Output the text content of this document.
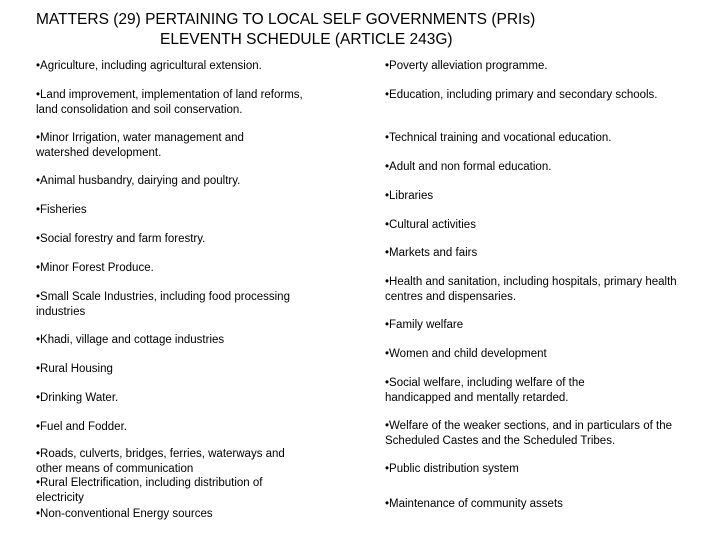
MATTERS (29) PERTAINING TO LOCAL SELF GOVERNMENTS (PRIs)
ELEVENTH SCHEDULE (ARTICLE 243G)

•Agriculture, including agricultural extension.

•Land improvement, implementation of land reforms, land consolidation and soil conservation.

•Minor Irrigation, water management and watershed development.

•Animal husbandry, dairying and poultry.

•Fisheries

•Social forestry and farm forestry.

•Minor Forest Produce.

•Small Scale Industries, including food processing industries

•Khadi, village and cottage industries

•Rural Housing

•Drinking Water.

•Fuel and Fodder.

•Roads, culverts, bridges, ferries, waterways and other means of communication

•Rural Electrification, including distribution of electricity

•Non-conventional Energy sources

•Poverty alleviation programme.

•Education, including primary and secondary schools.

•Technical training and vocational education.

•Adult and non formal education.

•Libraries

•Cultural activities

•Markets and fairs

•Health and sanitation, including hospitals, primary health centres and dispensaries.

•Family welfare

•Women and child development

•Social welfare, including welfare of the handicapped and mentally retarded.

•Welfare of the weaker sections, and in particulars of the Scheduled Castes and the Scheduled Tribes.

•Public distribution system

•Maintenance of community assets
